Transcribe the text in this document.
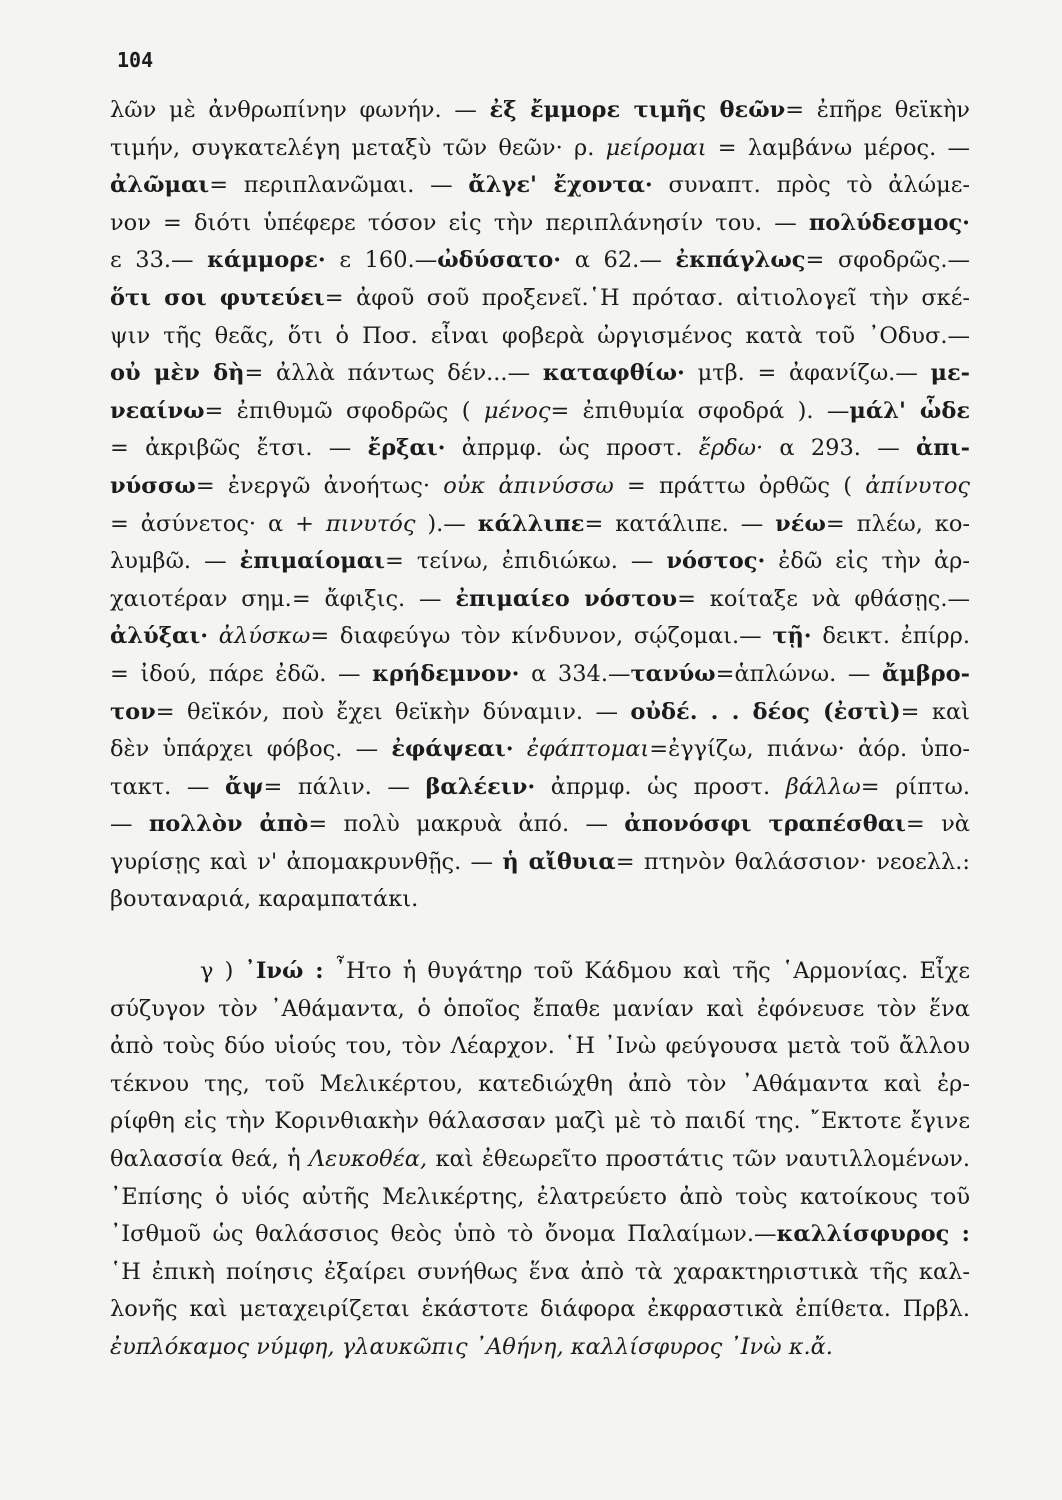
104
λῶν μὲ ἀνθρωπίνην φωνήν. — ἐξ ἔμμορε τιμῆς θεῶν= ἐπῆρε θεϊκὴν
τιμήν, συγκατελέγη μεταξὺ τῶν θεῶν· ρ. μείρομαι = λαμβάνω μέρος. —
ἀλῶμαι= περιπλανῶμαι. — ἄλγε' ἔχοντα· συναπτ. πρὸς τὸ ἀλώμε-
νον = διότι ὑπέφερε τόσον εἰς τὴν περιπλάνησίν του. — πολύδεσμος·
ε 33.— κάμμορε· ε 160.—ὠδύσατο· α 62.— ἐκπάγλως= σφοδρῶς.—
ὅτι σοι φυτεύει= ἀφοῦ σοῦ προξενεῖ.῾Η πρότασ. αἰτιολογεῖ τὴν σκέ-
ψιν τῆς θεᾶς, ὅτι ὁ Ποσ. εἶναι φοβερὰ ὠργισμένος κατὰ τοῦ ᾿Οδυσ.—
οὐ μὲν δὴ= ἀλλὰ πάντως δέν...— καταφθίω· μτβ. = ἀφανίζω.— με-
νεαίνω= ἐπιθυμῶ σφοδρῶς ( μένος= ἐπιθυμία σφοδρά ). —μάλ' ὧδε
= ἀκριβῶς ἔτσι. — ἔρξαι· ἀπρμφ. ὡς προστ. ἔρδω· α 293. — ἀπι-
νύσσω= ἐνεργῶ ἀνοήτως· οὐκ ἀπινύσσω = πράττω ὀρθῶς ( ἀπίνυτος
= ἀσύνετος· α + πινυτός ).— κάλλιπε= κατάλιπε. — νέω= πλέω, κο-
λυμβῶ. — ἐπιμαίομαι= τείνω, ἐπιδιώκω. — νόστος· ἐδῶ εἰς τὴν ἀρ-
χαιοτέραν σημ.= ἄφιξις. — ἐπιμαίεο νόστου= κοίταξε νὰ φθάσῃς.—
ἀλύξαι· ἀλύσκω= διαφεύγω τὸν κίνδυνον, σῴζομαι.— τῇ· δεικτ. ἐπίρρ.
= ἰδού, πάρε ἐδῶ. — κρήδεμνον· α 334.—τανύω=ἁπλώνω. — ἄμβρο-
τον= θεϊκόν, ποὺ ἔχει θεϊκὴν δύναμιν. — οὐδέ. . . δέος (ἐστὶ)= καὶ
δὲν ὑπάρχει φόβος. — ἐφάψεαι· ἐφάπτομαι=ἐγγίζω, πιάνω· ἀόρ. ὑπο-
τακτ. — ἄψ= πάλιν. — βαλέειν· ἀπρμφ. ὡς προστ. βάλλω= ρίπτω.
— πολλὸν ἀπὸ= πολὺ μακρυὰ ἀπό. — ἀπονόσφι τραπέσθαι= νὰ
γυρίσῃς καὶ ν' ἀπομακρυνθῇς. — ἡ αἴθυια= πτηνὸν θαλάσσιον· νεοελλ.:
βουταναριά, καραμπατάκι.
γ ) ᾿Ινώ : ῏Ητο ἡ θυγάτηρ τοῦ Κάδμου καὶ τῆς ῾Αρμονίας. Εἶχε
σύζυγον τὸν ᾿Αθάμαντα, ὁ ὁποῖος ἔπαθε μανίαν καὶ ἐφόνευσε τὸν ἕνα
ἀπὸ τοὺς δύο υἱούς του, τὸν Λέαρχον. ῾Η ᾿Ινὼ φεύγουσα μετὰ τοῦ ἄλλου
τέκνου της, τοῦ Μελικέρτου, κατεδιώχθη ἀπὸ τὸν ᾿Αθάμαντα καὶ ἐρ-
ρίφθη εἰς τὴν Κορινθιακὴν θάλασσαν μαζὶ μὲ τὸ παιδί της. ῎Εκτοτε ἔγινε
θαλασσία θεά, ἡ Λευκοθέα, καὶ ἐθεωρεῖτο προστάτις τῶν ναυτιλλομένων.
᾿Επίσης ὁ υἱός αὐτῆς Μελικέρτης, ἐλατρεύετο ἀπὸ τοὺς κατοίκους τοῦ
᾿Ισθμοῦ ὡς θαλάσσιος θεὸς ὑπὸ τὸ ὄνομα Παλαίμων.—καλλίσφυρος :
῾Η ἐπικὴ ποίησις ἐξαίρει συνήθως ἕνα ἀπὸ τὰ χαρακτηριστικὰ τῆς καλ-
λονῆς καὶ μεταχειρίζεται ἑκάστοτε διάφορα ἐκφραστικὰ ἐπίθετα. Πρβλ.
ἐυπλόκαμος νύμφη, γλαυκῶπις ᾿Αθήνη, καλλίσφυρος ᾿Ινὼ κ.ἄ.
